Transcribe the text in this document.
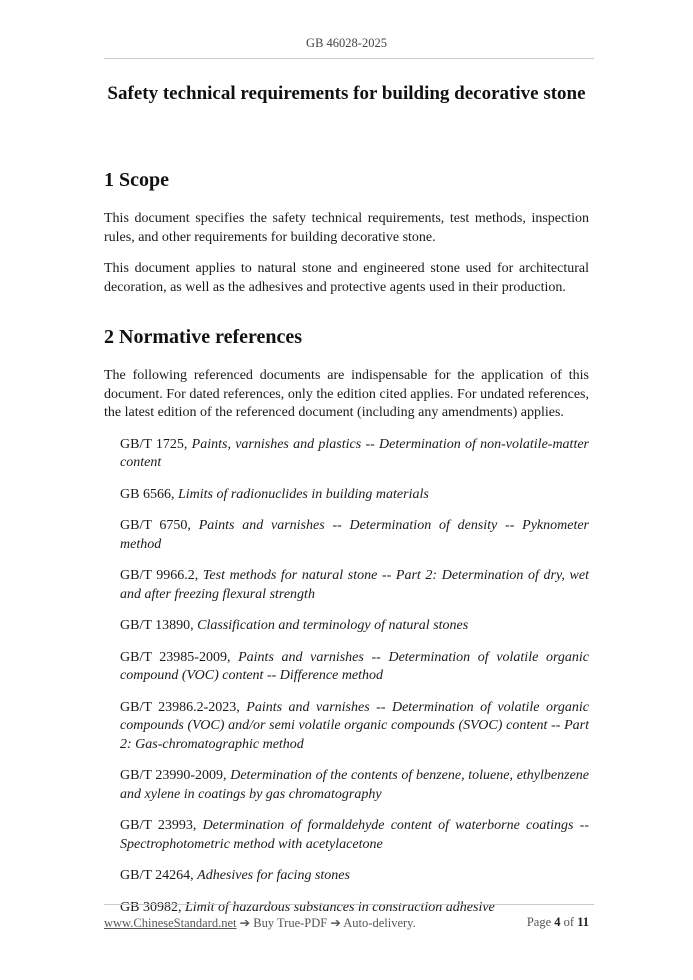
GB 46028-2025
Safety technical requirements for building decorative stone
1 Scope

This document specifies the safety technical requirements, test methods, inspection rules, and other requirements for building decorative stone.

This document applies to natural stone and engineered stone used for architectural decoration, as well as the adhesives and protective agents used in their production.

2 Normative references

The following referenced documents are indispensable for the application of this document. For dated references, only the edition cited applies. For undated references, the latest edition of the referenced document (including any amendments) applies.

GB/T 1725, Paints, varnishes and plastics -- Determination of non-volatile-matter content
GB 6566, Limits of radionuclides in building materials
GB/T 6750, Paints and varnishes -- Determination of density -- Pyknometer method
GB/T 9966.2, Test methods for natural stone -- Part 2: Determination of dry, wet and after freezing flexural strength
GB/T 13890, Classification and terminology of natural stones
GB/T 23985-2009, Paints and varnishes -- Determination of volatile organic compound (VOC) content -- Difference method
GB/T 23986.2-2023, Paints and varnishes -- Determination of volatile organic compounds (VOC) and/or semi volatile organic compounds (SVOC) content -- Part 2: Gas-chromatographic method
GB/T 23990-2009, Determination of the contents of benzene, toluene, ethylbenzene and xylene in coatings by gas chromatography
GB/T 23993, Determination of formaldehyde content of waterborne coatings -- Spectrophotometric method with acetylacetone
GB/T 24264, Adhesives for facing stones
GB 30982, Limit of hazardous substances in construction adhesive
www.ChineseStandard.net ➔ Buy True-PDF ➔ Auto-delivery.	Page 4 of 11
